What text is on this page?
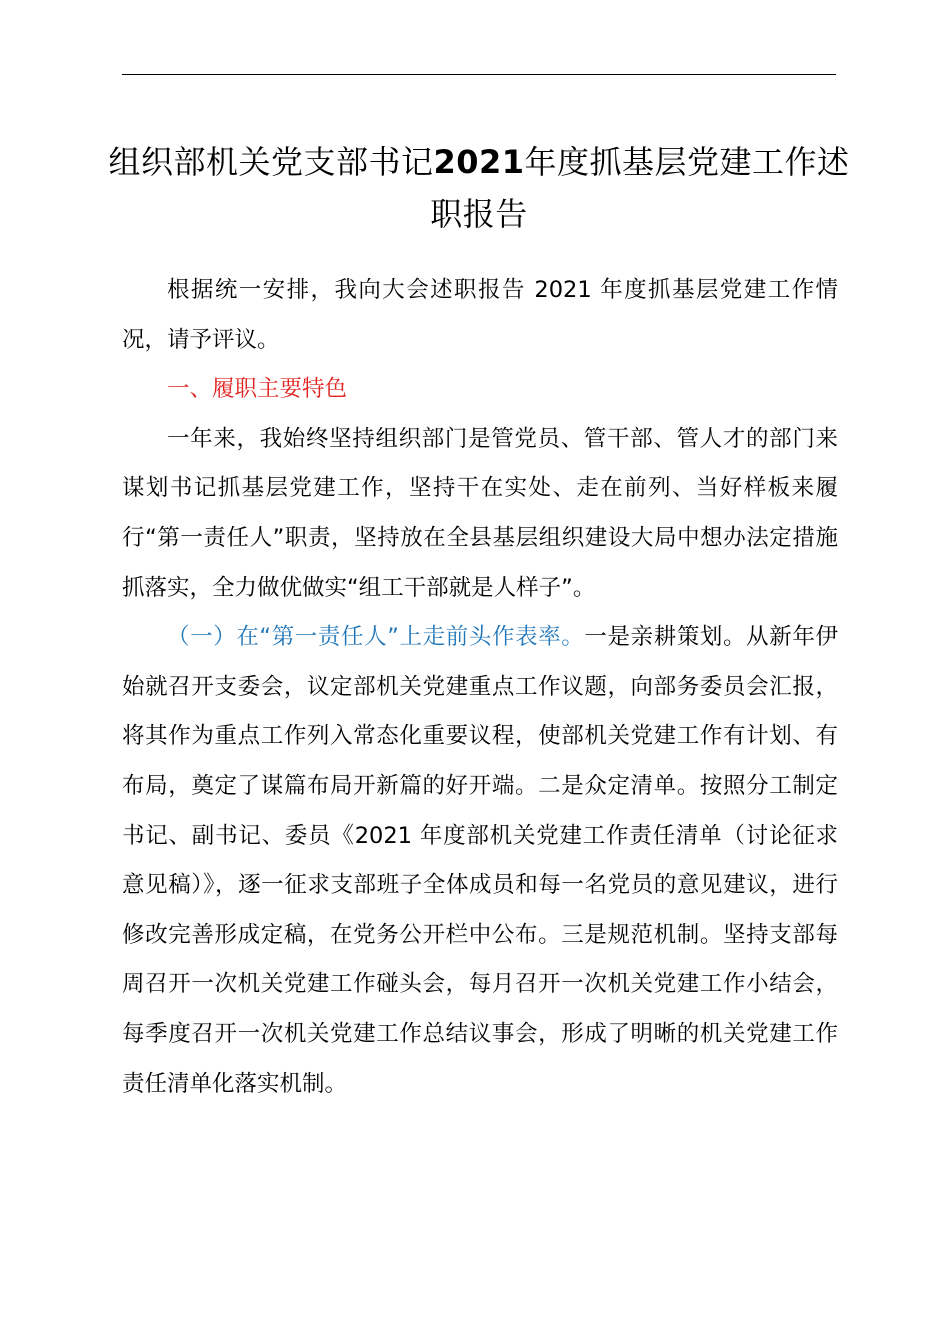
组织部机关党支部书记2021年度抓基层党建工作述职报告

根据统一安排，我向大会述职报告 2021 年度抓基层党建工作情况，请予评议。

一、履职主要特色

一年来，我始终坚持组织部门是管党员、管干部、管人才的部门来谋划书记抓基层党建工作，坚持干在实处、走在前列、当好样板来履行“第一责任人”职责，坚持放在全县基层组织建设大局中想办法定措施抓落实，全力做优做实“组工干部就是人样子”。

（一）在“第一责任人”上走前头作表率。一是亲耕策划。从新年伊始就召开支委会，议定部机关党建重点工作议题，向部务委员会汇报，将其作为重点工作列入常态化重要议程，使部机关党建工作有计划、有布局，奠定了谋篇布局开新篇的好开端。二是众定清单。按照分工制定书记、副书记、委员《2021 年度部机关党建工作责任清单（讨论征求意见稿）》，逐一征求支部班子全体成员和每一名党员的意见建议，进行修改完善形成定稿，在党务公开栏中公布。三是规范机制。坚持支部每周召开一次机关党建工作碰头会，每月召开一次机关党建工作小结会，每季度召开一次机关党建工作总结议事会，形成了明晰的机关党建工作责任清单化落实机制。
